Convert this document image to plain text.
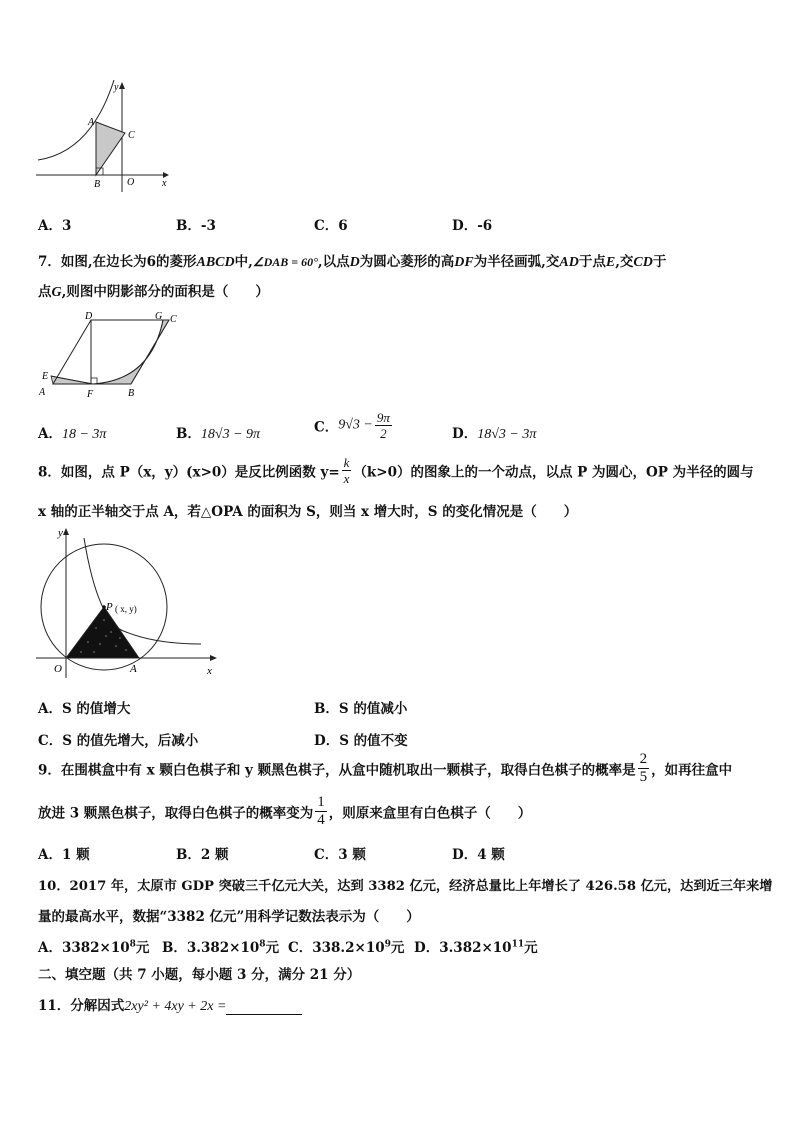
y
x
A
C
B	O
A．3	B．-3	C．6	D．-6
7．如图,在边长为6的菱形ABCD中,∠DAB = 60°,以点D为圆心菱形的高DF为半径画弧,交AD于点E,交CD于
点G,则图中阴影部分的面积是（　　）
D	G C
E
A	F	B
A．18 − 3π	B．18√3 − 9π	C．$9√3 - \frac{9\pi}{2}$	D．18√3 − 3π
8．如图，点 P（x，y）(x>0）是反比例函数 $y= \frac{k}{x} (k>0)$的图象上的一个动点，以点 P 为圆心，OP 为半径的圆与
x 轴的正半轴交于点 A，若△OPA 的面积为 S，则当 x 增大时，S 的变化情况是（　　）
y
x
O	A
P ( x, y)
A．S 的值增大	B．S 的值减小
C．S 的值先增大，后减小	D．S 的值不变
9．在围棋盒中有 x 颗白色棋子和 y 颗黑色棋子，从盒中随机取出一颗棋子，取得白色棋子的概率是 $\frac{2}{5}$ ，如再往盒中
放进 3 颗黑色棋子，取得白色棋子的概率变为 $\frac{1}{4}$ ，则原来盒里有白色棋子（　　）
A．1 颗	B．2 颗	C．3 颗	D．4 颗
10．2017 年，太原市 GDP 突破三千亿元大关，达到 3382 亿元，经济总量比上年增长了 426.58 亿元，达到近三年来增
量的最高水平，数据“3382 亿元”用科学记数法表示为（　　）
A．$3382\times 10^8$元 B．$3.382\times 10^8$元 C．$338.2\times 10^9$元 D．$3.382\times 10^{11}$元
二、填空题（共 7 小题，每小题 3 分，满分 21 分）
11．分解因式2xy² + 4xy + 2x =
